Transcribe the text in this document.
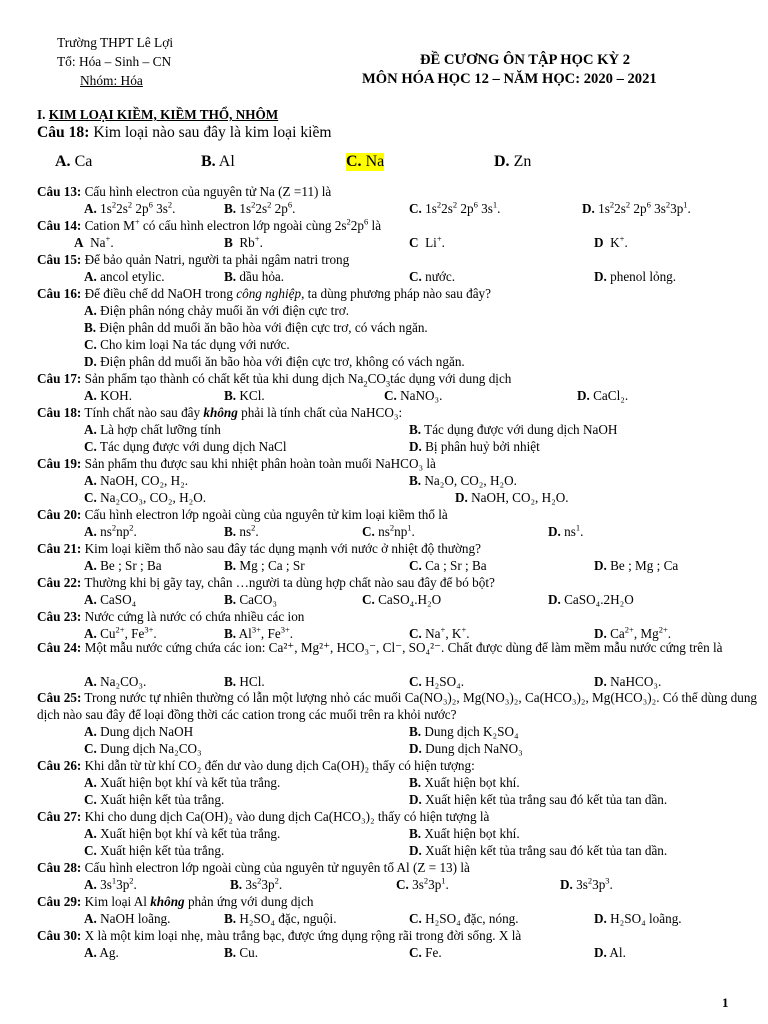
Trường THPT Lê Lợi
Tổ: Hóa – Sinh – CN
Nhóm: Hóa
ĐỀ CƯƠNG ÔN TẬP HỌC KỲ 2
MÔN HÓA HỌC 12 – NĂM HỌC: 2020 – 2021
I. KIM LOẠI KIỀM, KIỀM THỔ, NHÔM
Câu 18: Kim loại nào sau đây là kim loại kiềm
A. Ca	B. Al	C. Na	D. Zn
Câu 13: Cấu hình electron của nguyên tử Na (Z =11) là
A. $1s^22s^2$ $2p^6$ $3s^2$.	B. $1s^22s^2$ $2p^6$.	C. $1s^22s^2$ $2p^6$ $3s^1$.	D. $1s^22s^2$ $2p^6$ $3s^23p^1$.
Câu 14: Cation M+ có cấu hình electron lớp ngoài cùng $2s^22p^6$ là
A  Na+.	B  Rb+.	C  Li+.	D  K+.
Câu 15: Để bảo quản Natri, người ta phải ngâm natri trong
A. ancol etylic.	B. dầu hỏa.	C. nước.	D. phenol lỏng.
Câu 16: Để điều chế dd NaOH trong công nghiệp, ta dùng phương pháp nào sau đây?
A. Điện phân nóng chảy muối ăn với điện cực trơ.
B. Điện phân dd muối ăn bão hòa với điện cực trơ, có vách ngăn.
C. Cho kim loại Na tác dụng với nước.
D. Điện phân dd muối ăn bão hòa với điện cực trơ, không có vách ngăn.
Câu 17: Sản phẩm tạo thành có chất kết tủa khi dung dịch $Na_2CO_3tác$ dụng với dung dịch
A. KOH.	B. KCl.	C. NaNO₃.	D. CaCl₂.
Câu 18: Tính chất nào sau đây không phải là tính chất của NaHCO₃:
A. Là hợp chất lưỡng tính	B. Tác dụng được với dung dịch NaOH
C. Tác dụng được với dung dịch NaCl	D. Bị phân huỷ bởi nhiệt
Câu 19: Sản phẩm thu được sau khi nhiệt phân hoàn toàn muối NaHCO₃ là
A. NaOH, CO₂, H₂.	B. Na₂O, CO₂, H₂O.
C. Na₂CO₃, CO₂, H₂O.	D. NaOH, CO₂, H₂O.
Câu 20: Cấu hình electron lớp ngoài cùng của nguyên tử kim loại kiềm thổ là
A. $ns^2np^2$.	B. $ns^2$.	C. $ns^2np^1$.	D. $ns^1$.
Câu 21: Kim loại kiềm thổ nào sau đây tác dụng mạnh với nước ở nhiệt độ thường?
A. Be ; Sr ; Ba	B. Mg ; Ca ; Sr	C. Ca ; Sr ; Ba	D. Be ; Mg ; Ca
Câu 22: Thường khi bị gãy tay, chân …người ta dùng hợp chất nào sau đây để bó bột?
A. CaSO₄	B. CaCO₃	C. CaSO₄.H₂O	D. CaSO₄.2H₂O
Câu 23: Nước cứng là nước có chứa nhiều các ion
A. $Cu^{2+}$, $Fe^{3+}$.	B. $Al^{3+}$, $Fe^{3+}$.	C. Na+, K+.	D. $Ca^{2+}$, $Mg^{2+}$.
Câu 24: Một mẫu nước cứng chứa các ion: Ca²⁺, Mg²⁺, HCO₃⁻, Cl⁻, SO₄²⁻. Chất được dùng để làm mềm mẫu nước cứng trên là
A. Na₂CO₃.	B. HCl.	C. H₂SO₄.	D. NaHCO₃.
Câu 25: Trong nước tự nhiên thường có lẫn một lượng nhỏ các muối Ca(NO₃)₂, Mg(NO₃)₂, Ca(HCO₃)₂, Mg(HCO₃)₂. Có thể dùng dung dịch nào sau đây để loại đồng thời các cation trong các muối trên ra khỏi nước?
A. Dung dịch NaOH	B. Dung dịch K₂SO₄
C. Dung dịch Na₂CO₃	D. Dung dịch NaNO₃
Câu 26: Khi dẫn từ từ khí CO₂ đến dư vào dung dịch Ca(OH)₂ thấy có hiện tượng:
A. Xuất hiện bọt khí và kết tủa trắng.	B. Xuất hiện bọt khí.
C. Xuất hiện kết tủa trắng.	D. Xuất hiện kết tủa trắng sau đó kết tủa tan dần.
Câu 27: Khi cho dung dịch Ca(OH)₂ vào dung dịch Ca(HCO₃)₂ thấy có hiện tượng là
A. Xuất hiện bọt khí và kết tủa trắng.	B. Xuất hiện bọt khí.
C. Xuất hiện kết tủa trắng.	D. Xuất hiện kết tủa trắng sau đó kết tủa tan dần.
Câu 28: Cấu hình electron lớp ngoài cùng của nguyên tử nguyên tố Al (Z = 13) là
A. $3s^13p^2$.	B. $3s^23p^2$.	C. $3s^23p^1$.	D. $3s^23p^3$.
Câu 29: Kim loại Al không phản ứng với dung dịch
A. NaOH loãng.	B. H₂SO₄ đặc, nguội.	C. H₂SO₄ đặc, nóng.	D. H₂SO₄ loãng.
Câu 30: X là một kim loại nhẹ, màu trắng bạc, được ứng dụng rộng rãi trong đời sống. X là
A. Ag.	B. Cu.	C. Fe.	D. Al.
1
